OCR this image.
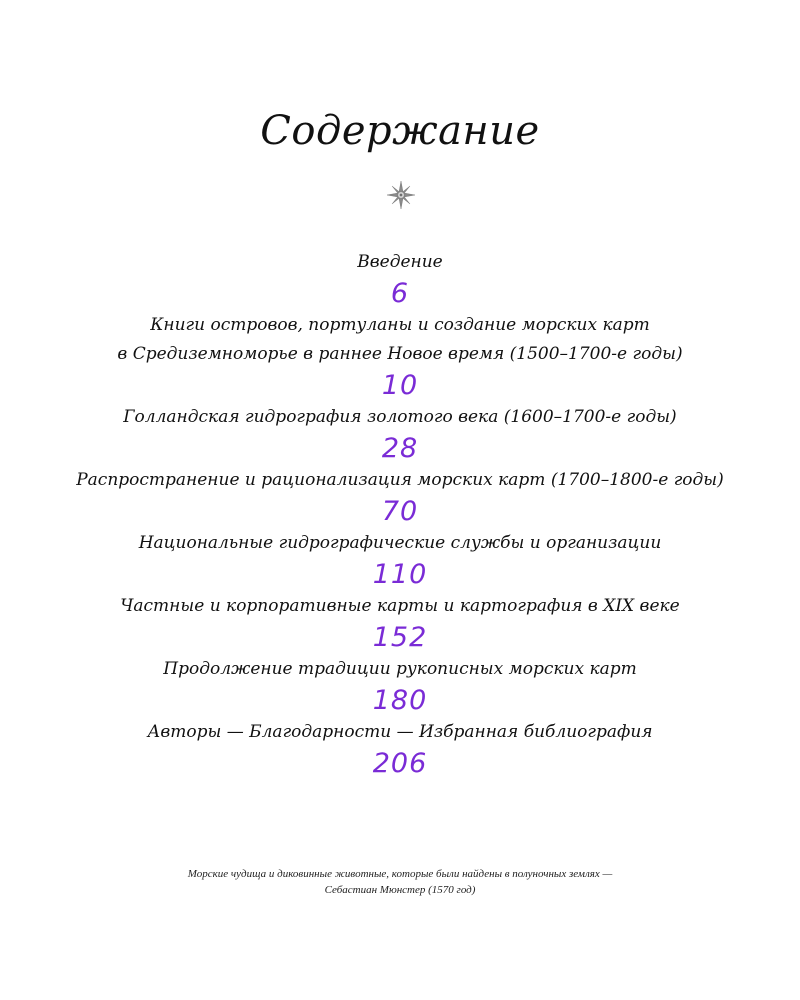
Содержание
Введение
6
Книги островов, портуланы и создание морских карт
в Средиземноморье в раннее Новое время (1500–1700-е годы)
10
Голландская гидрография золотого века (1600–1700-е годы)
28
Распространение и рационализация морских карт (1700–1800-е годы)
70
Национальные гидрографические службы и организации
110
Частные и корпоративные карты и картография в XIX веке
152
Продолжение традиции рукописных морских карт
180
Авторы — Благодарности — Избранная библиография
206
Морские чудища и диковинные животные, которые были найдены в полуночных землях —
Себастиан Мюнстер (1570 год)
